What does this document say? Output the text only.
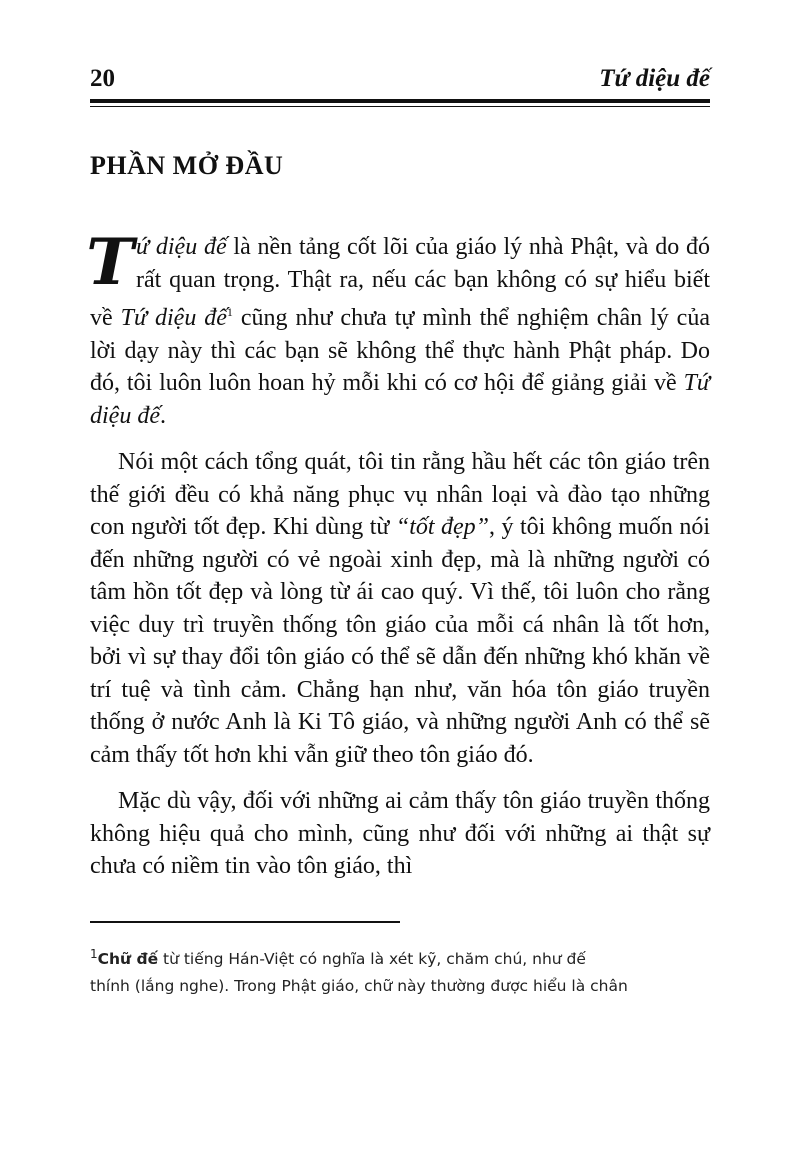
20	Tứ diệu đế
PHẦN MỞ ĐẦU

Tứ diệu đế là nền tảng cốt lõi của giáo lý nhà Phật, và do đó rất quan trọng. Thật ra, nếu các bạn không có sự hiểu biết về Tứ diệu đế$^1$ cũng như chưa tự mình thể nghiệm chân lý của lời dạy này thì các bạn sẽ không thể thực hành Phật pháp. Do đó, tôi luôn luôn hoan hỷ mỗi khi có cơ hội để giảng giải về Tứ diệu đế.

Nói một cách tổng quát, tôi tin rằng hầu hết các tôn giáo trên thế giới đều có khả năng phục vụ nhân loại và đào tạo những con người tốt đẹp. Khi dùng từ “tốt đẹp”, ý tôi không muốn nói đến những người có vẻ ngoài xinh đẹp, mà là những người có tâm hồn tốt đẹp và lòng từ ái cao quý. Vì thế, tôi luôn cho rằng việc duy trì truyền thống tôn giáo của mỗi cá nhân là tốt hơn, bởi vì sự thay đổi tôn giáo có thể sẽ dẫn đến những khó khăn về trí tuệ và tình cảm. Chẳng hạn như, văn hóa tôn giáo truyền thống ở nước Anh là Ki Tô giáo, và những người Anh có thể sẽ cảm thấy tốt hơn khi vẫn giữ theo tôn giáo đó.

Mặc dù vậy, đối với những ai cảm thấy tôn giáo truyền thống không hiệu quả cho mình, cũng như đối với những ai thật sự chưa có niềm tin vào tôn giáo, thì

$^1$Chữ đế từ tiếng Hán-Việt có nghĩa là xét kỹ, chăm chú, như đế
thính (lắng nghe). Trong Phật giáo, chữ này thường được hiểu là chân
